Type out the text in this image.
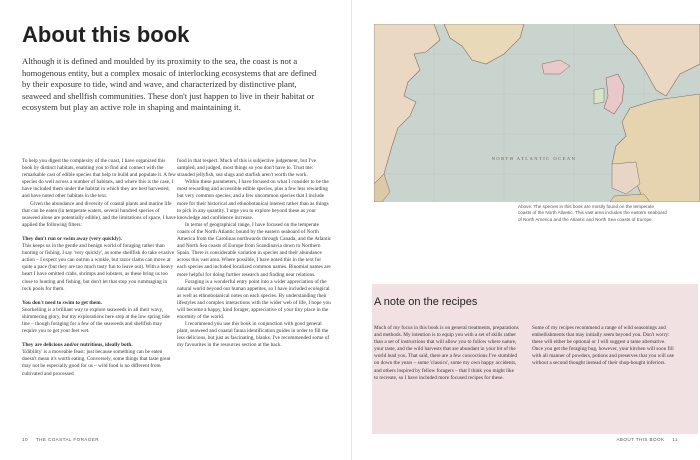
About this book
Although it is defined and moulded by its proximity to the sea, the coast is not a homogenous entity, but a complex mosaic of interlocking ecosystems that are defined by their exposure to tide, wind and wave, and characterized by distinctive plant, seaweed and shellfish communities. These don't just happen to live in their habitat or ecosystem but play an active role in shaping and maintaining it.

To help you digest the complexity of the coast, I have organized this book by distinct habitats, enabling you to find and connect with the remarkable cast of edible species that help to build and populate it. A few species do well across a number of habitats, and where this is the case, I have included them under the habitat in which they are best harvested, and have noted other habitats in the text.

Given the abundance and diversity of coastal plants and marine life that can be eaten (in temperate waters, several hundred species of seaweed alone are potentially edible), and the limitations of space, I have applied the following filters:

They don't run or swim away (very quickly).
This keeps us in the gentle and benign world of foraging rather than hunting or fishing. I say 'very quickly', as some shellfish do take evasive action – I expect you can outrun a winkle, but razor clams can move at quite a pace (but they are too much tasty fun to leave out). With a heavy heart I have omitted crabs, shrimps and lobsters, as these bring us too close to hunting and fishing, but don't let that stop you rummaging in rock pools for them.

You don't need to swim to get them.
Snorkelling is a brilliant way to explore seaweeds in all their wavy, shimmering glory, but my explorations here stop at the low spring tide line – though foraging for a few of the seaweeds and shellfish may require you to get your feet wet.

They are delicious and/or nutritious, ideally both.
'Edibility' is a moveable feast: just because something can be eaten doesn't mean it's worth eating. Conversely, some things that taste great may not be especially good for us – wild food is no different from cultivated and processed

food in that respect. Much of this is subjective judgement, but I've sampled, and judged, most things so you don't have to. Trust me: stranded jellyfish, sea slugs and starfish aren't worth the work.

Within these parameters, I have focused on what I consider to be the most rewarding and accessible edible species, plus a few less rewarding but very common species, and a few uncommon species that I include more for their historical and ethnobotanical interest rather than as things to pick in any quantity. I urge you to explore beyond these as your knowledge and confidence increase.

In terms of geographical range, I have focused on the temperate coasts of the North Atlantic bound by the eastern seaboard of North America from the Carolinas northwards through Canada, and the Atlantic and North Sea coasts of Europe from Scandinavia down to Northern Spain. There is considerable variation in species and their abundance across this vast area. Where possible, I have noted this in the text for each species and included localized common names. Binomial names are more helpful for doing further research and finding near relations.

Foraging is a wonderful entry point into a wider appreciation of the natural world beyond our human appetites, so I have included ecological as well as ethnobotanical notes on each species. By understanding their lifestyles and complex interactions with the wider web of life, I hope you will become a happy, kind forager, appreciative of your tiny place in the enormity of the world.

I recommend you use this book in conjunction with good general plant, seaweed and coastal fauna identification guides in order to fill the less delicious, but just as fascinating, blanks. I've recommended some of my favourites in the resources section at the back.

10 THE COASTAL FORAGER
NORTH ATLANTIC OCEAN
Above: The species in this book are mostly found on the temperate coasts of the North Atlantic. This vast area includes the eastern seaboard of North America and the Atlantic and North Sea coasts of Europe.
A note on the recipes

Much of my focus in this book is on general treatments, preparations and methods. My intention is to equip you with a set of skills rather than a set of instructions that will allow you to follow where nature, your taste, and the wild harvests that are abundant in your bit of the world lead you. That said, there are a few concoctions I've stumbled on down the years – some 'classics', some my own happy accidents, and others inspired by fellow foragers – that I think you might like to recreate, so I have included more focused recipes for these.

Some of my recipes recommend a range of wild seasonings and embellishments that may initially seem beyond you. Don't worry: these will either be optional or I will suggest a tame alternative. Once you get the foraging bug, however, your kitchen will soon fill with all manner of powders, potions and preserves that you will use without a second thought instead of their shop-bought inferiors.

ABOUT THIS BOOK 11
